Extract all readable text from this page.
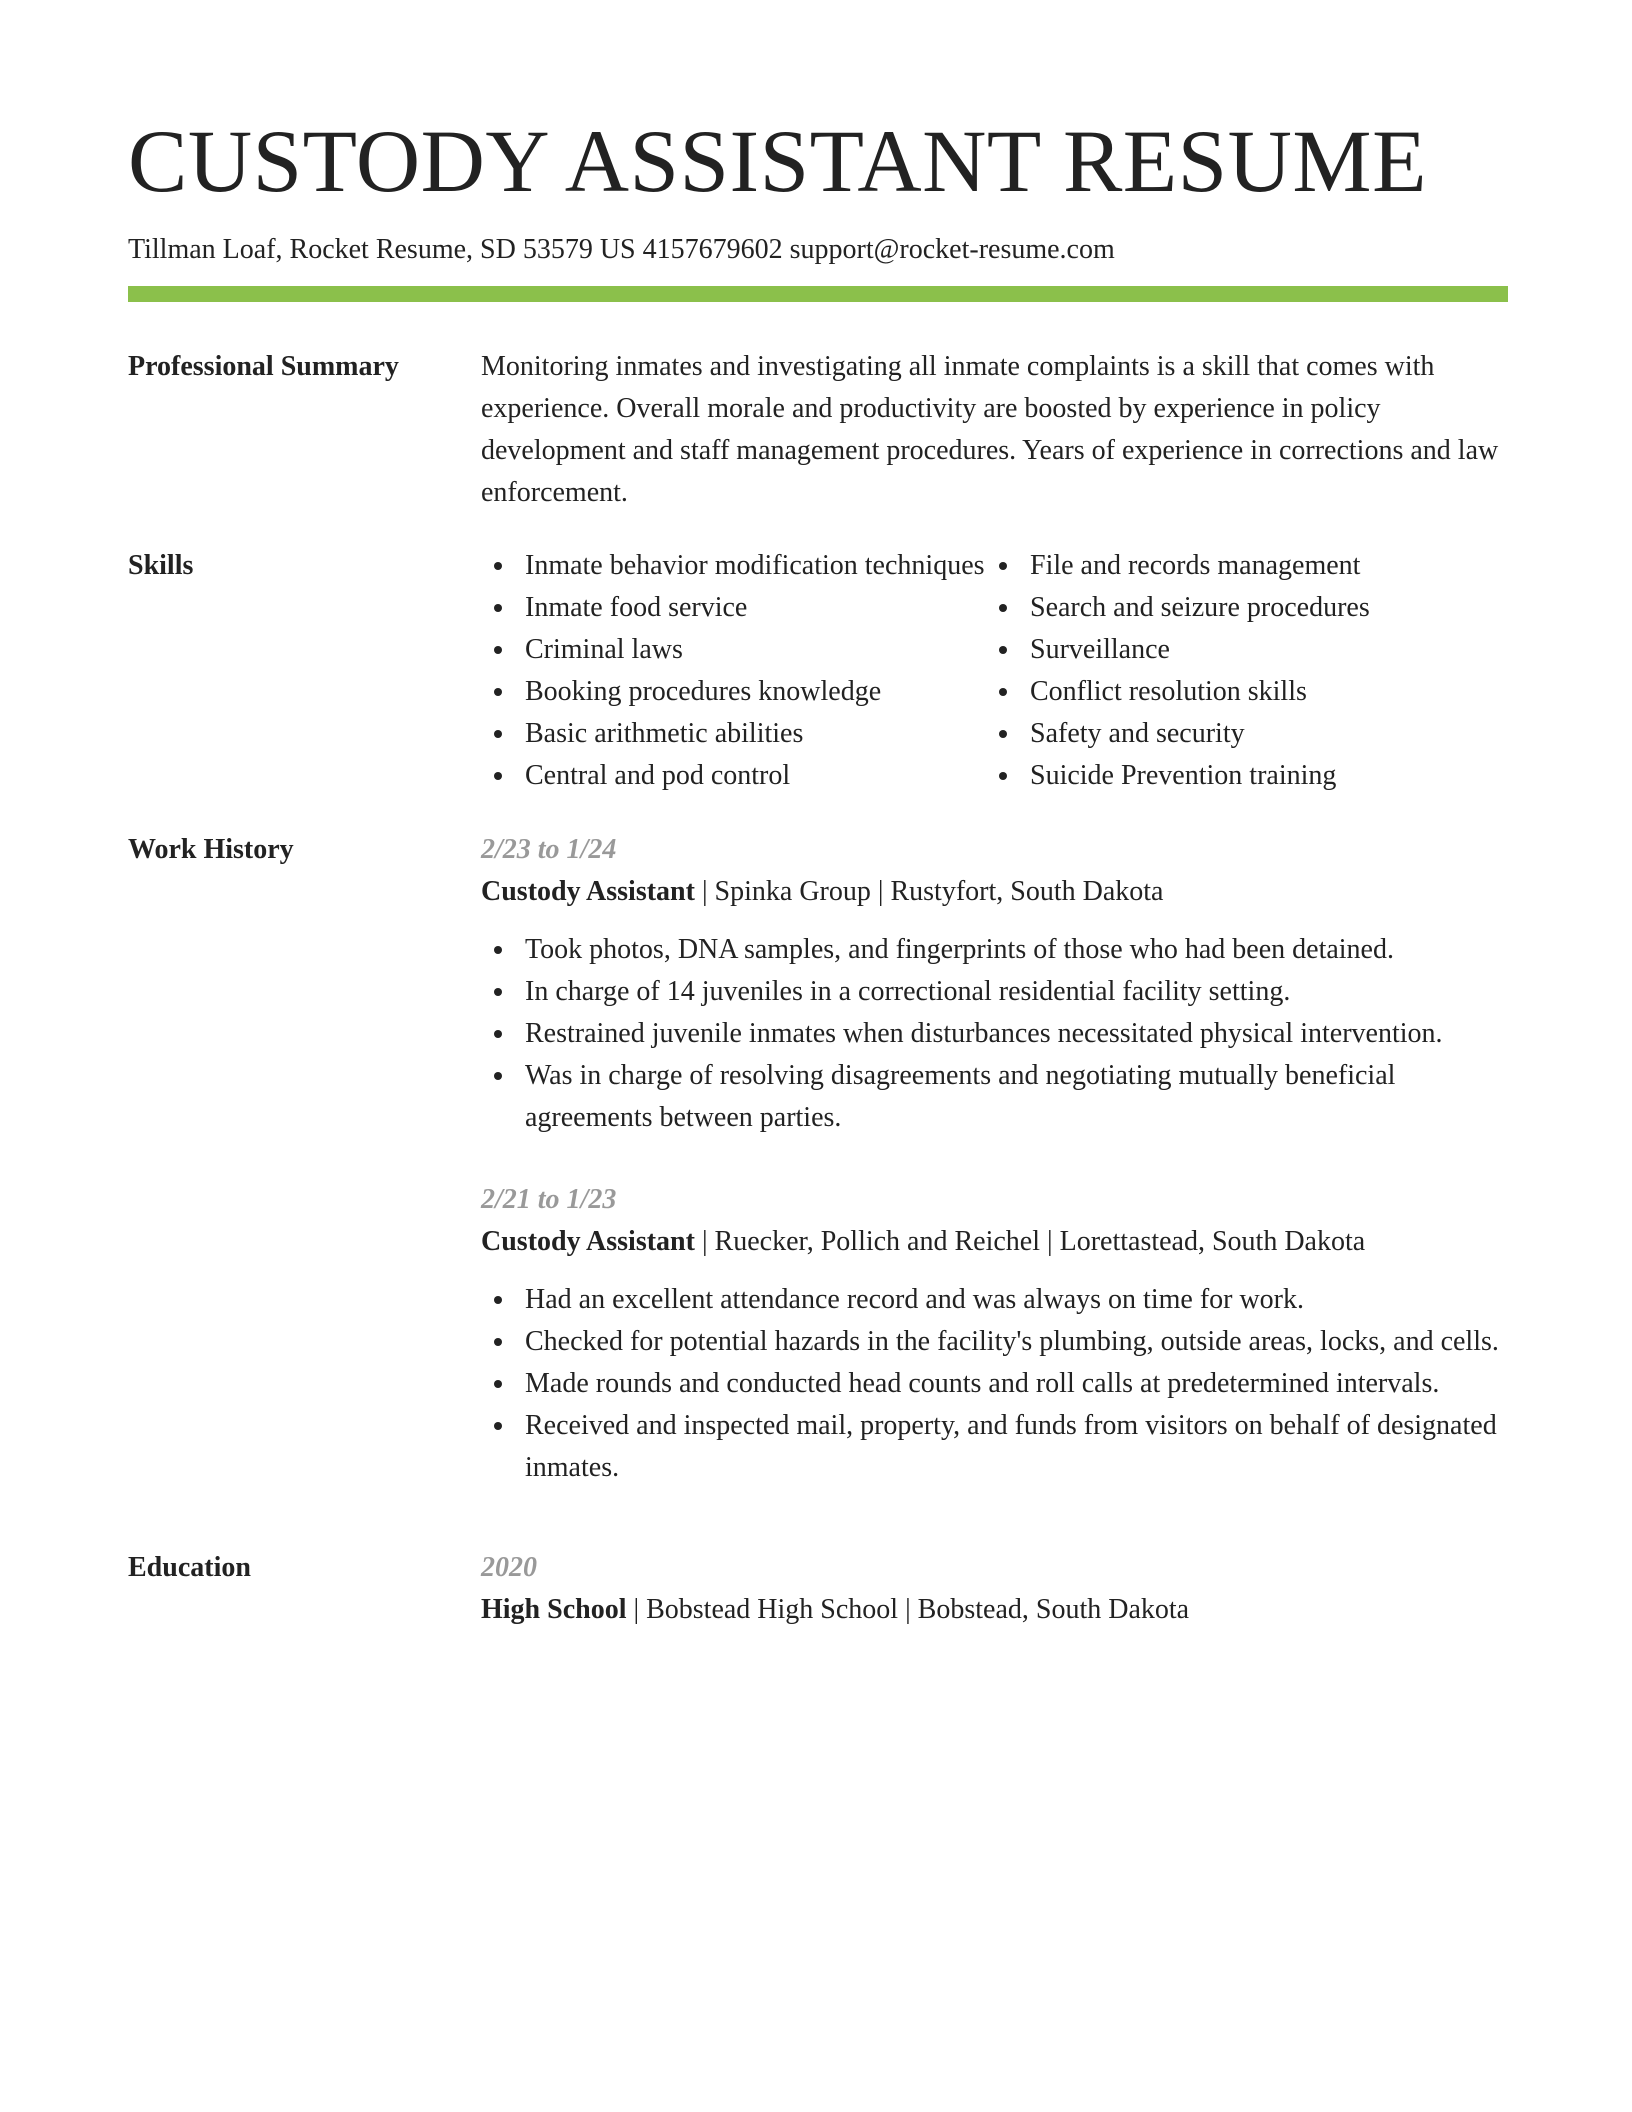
CUSTODY ASSISTANT RESUME
Tillman Loaf, Rocket Resume, SD 53579 US 4157679602 support@rocket-resume.com
Professional Summary	Monitoring inmates and investigating all inmate complaints is a skill that comes with experience. Overall morale and productivity are boosted by experience in policy development and staff management procedures. Years of experience in corrections and law enforcement.

Skills	Inmate behavior modification techniques
Inmate food service
Criminal laws
Booking procedures knowledge
Basic arithmetic abilities
Central and pod control
File and records management
Search and seizure procedures
Surveillance
Conflict resolution skills
Safety and security
Suicide Prevention training
Work History	2/23 to 1/24
Custody Assistant | Spinka Group | Rustyfort, South Dakota
Took photos, DNA samples, and fingerprints of those who had been detained.
In charge of 14 juveniles in a correctional residential facility setting.
Restrained juvenile inmates when disturbances necessitated physical intervention.
Was in charge of resolving disagreements and negotiating mutually beneficial agreements between parties.
2/21 to 1/23
Custody Assistant | Ruecker, Pollich and Reichel | Lorettastead, South Dakota
Had an excellent attendance record and was always on time for work.
Checked for potential hazards in the facility's plumbing, outside areas, locks, and cells.
Made rounds and conducted head counts and roll calls at predetermined intervals.
Received and inspected mail, property, and funds from visitors on behalf of designated inmates.
Education	2020
High School | Bobstead High School | Bobstead, South Dakota
